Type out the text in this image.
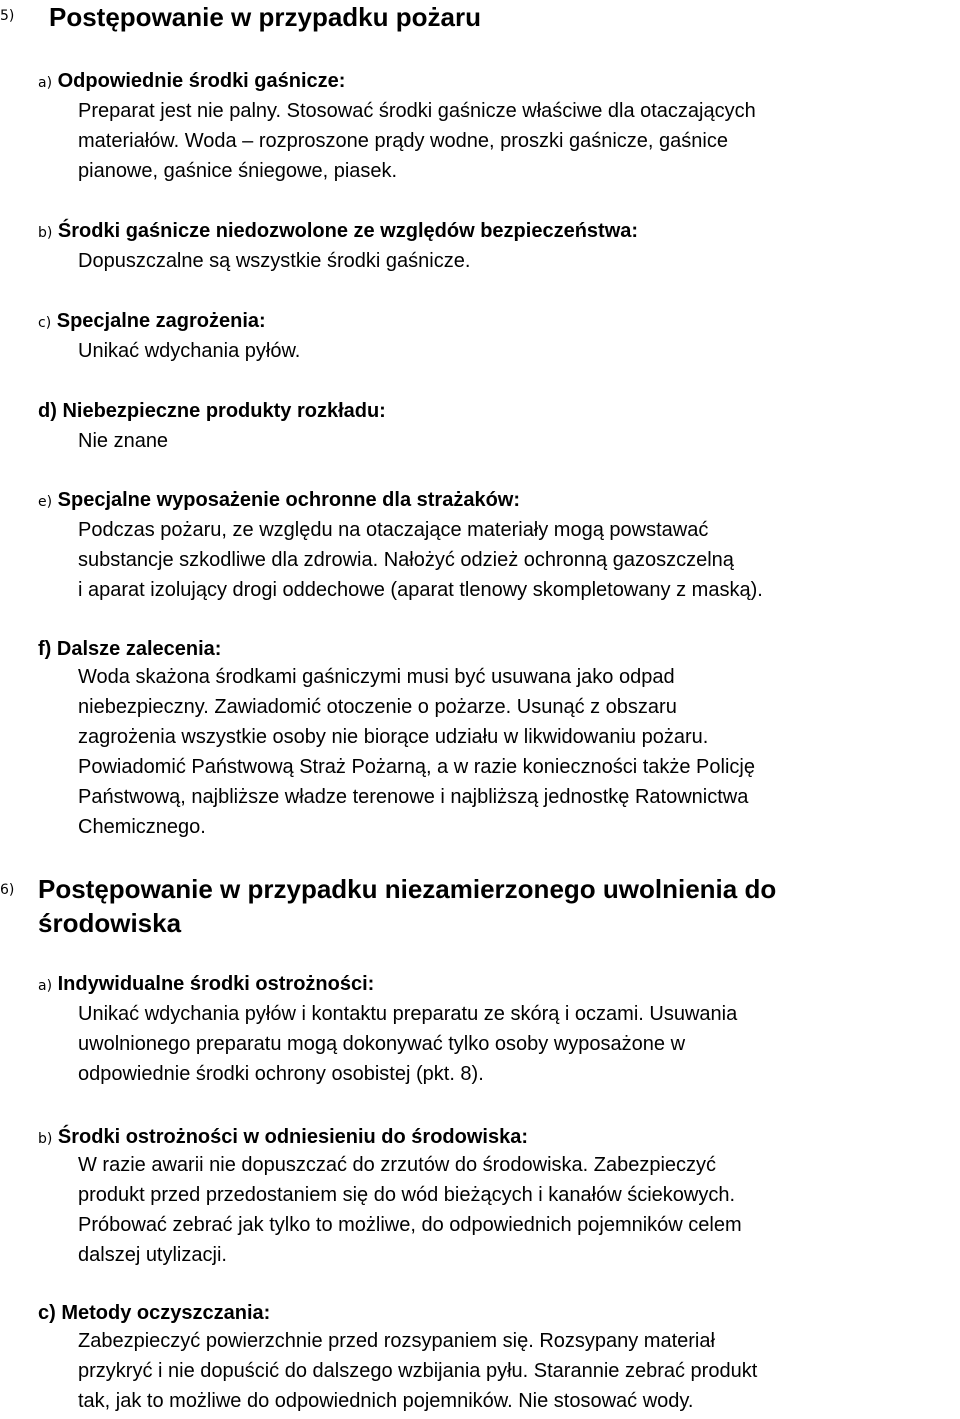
5) Postępowanie w przypadku pożaru
a) Odpowiednie środki gaśnicze:

Preparat jest nie palny. Stosować środki gaśnicze właściwe dla otaczających
materiałów. Woda – rozproszone prądy wodne, proszki gaśnicze, gaśnice
pianowe, gaśnice śniegowe, piasek.

b) Środki gaśnicze niedozwolone ze względów bezpieczeństwa:

Dopuszczalne są wszystkie środki gaśnicze.

c) Specjalne zagrożenia:

Unikać wdychania pyłów.

d) Niebezpieczne produkty rozkładu:

Nie znane

e) Specjalne wyposażenie ochronne dla strażaków:

Podczas pożaru, ze względu na otaczające materiały mogą powstawać
substancje szkodliwe dla zdrowia. Nałożyć odzież ochronną gazoszczelną
i aparat izolujący drogi oddechowe (aparat tlenowy skompletowany z maską).

f) Dalsze zalecenia:

Woda skażona środkami gaśniczymi musi być usuwana jako odpad
niebezpieczny. Zawiadomić otoczenie o pożarze. Usunąć z obszaru
zagrożenia wszystkie osoby nie biorące udziału w likwidowaniu pożaru.
Powiadomić Państwową Straż Pożarną, a w razie konieczności także Policję
Państwową, najbliższe władze terenowe i najbliższą jednostkę Ratownictwa
Chemicznego.

6) Postępowanie w przypadku niezamierzonego uwolnienia do
środowiska
a) Indywidualne środki ostrożności:

Unikać wdychania pyłów i kontaktu preparatu ze skórą i oczami. Usuwania
uwolnionego preparatu mogą dokonywać tylko osoby wyposażone w
odpowiednie środki ochrony osobistej (pkt. 8).

b) Środki ostrożności w odniesieniu do środowiska:

W razie awarii nie dopuszczać do zrzutów do środowiska. Zabezpieczyć
produkt przed przedostaniem się do wód bieżących i kanałów ściekowych.
Próbować zebrać jak tylko to możliwe, do odpowiednich pojemników celem
dalszej utylizacji.

c) Metody oczyszczania:

Zabezpieczyć powierzchnie przed rozsypaniem się. Rozsypany materiał
przykryć i nie dopuścić do dalszego wzbijania pyłu. Starannie zebrać produkt
tak, jak to możliwe do odpowiednich pojemników. Nie stosować wody.
